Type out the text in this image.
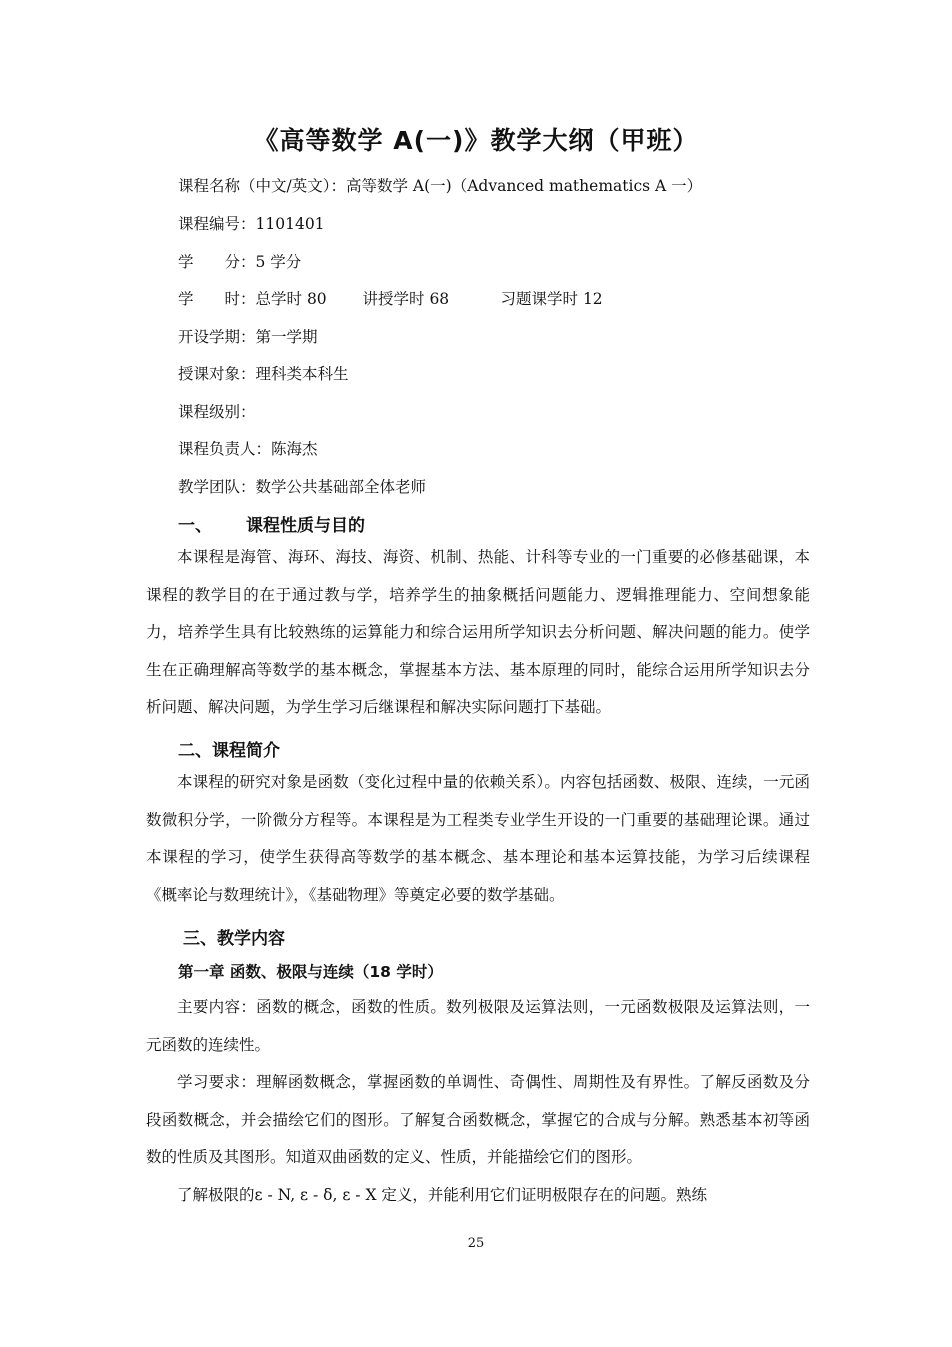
《高等数学 A(一)》教学大纲（甲班）
课程名称（中文/英文）：高等数学 A(一)（Advanced mathematics A 一）
课程编号：1101401
学　　分：5 学分
学　　时：总学时 80 讲授学时 68	习题课学时 12
开设学期：第一学期
授课对象：理科类本科生
课程级别：
课程负责人：陈海杰
教学团队：数学公共基础部全体老师
一、 课程性质与目的

本课程是海管、海环、海技、海资、机制、热能、计科等专业的一门重要的必修基础课，本课程的教学目的在于通过教与学，培养学生的抽象概括问题能力、逻辑推理能力、空间想象能力，培养学生具有比较熟练的运算能力和综合运用所学知识去分析问题、解决问题的能力。使学生在正确理解高等数学的基本概念，掌握基本方法、基本原理的同时，能综合运用所学知识去分析问题、解决问题，为学生学习后继课程和解决实际问题打下基础。

二、课程简介

本课程的研究对象是函数（变化过程中量的依赖关系）。内容包括函数、极限、连续，一元函数微积分学，一阶微分方程等。本课程是为工程类专业学生开设的一门重要的基础理论课。通过本课程的学习，使学生获得高等数学的基本概念、基本理论和基本运算技能，为学习后续课程《概率论与数理统计》，《基础物理》等奠定必要的数学基础。

三、教学内容
第一章 函数、极限与连续（18 学时）

主要内容：函数的概念，函数的性质。数列极限及运算法则，一元函数极限及运算法则，一元函数的连续性。

学习要求：理解函数概念，掌握函数的单调性、奇偶性、周期性及有界性。了解反函数及分段函数概念，并会描绘它们的图形。了解复合函数概念，掌握它的合成与分解。熟悉基本初等函数的性质及其图形。知道双曲函数的定义、性质，并能描绘它们的图形。

了解极限的ε - N, ε - δ, ε - X 定义，并能利用它们证明极限存在的问题。熟练

25
